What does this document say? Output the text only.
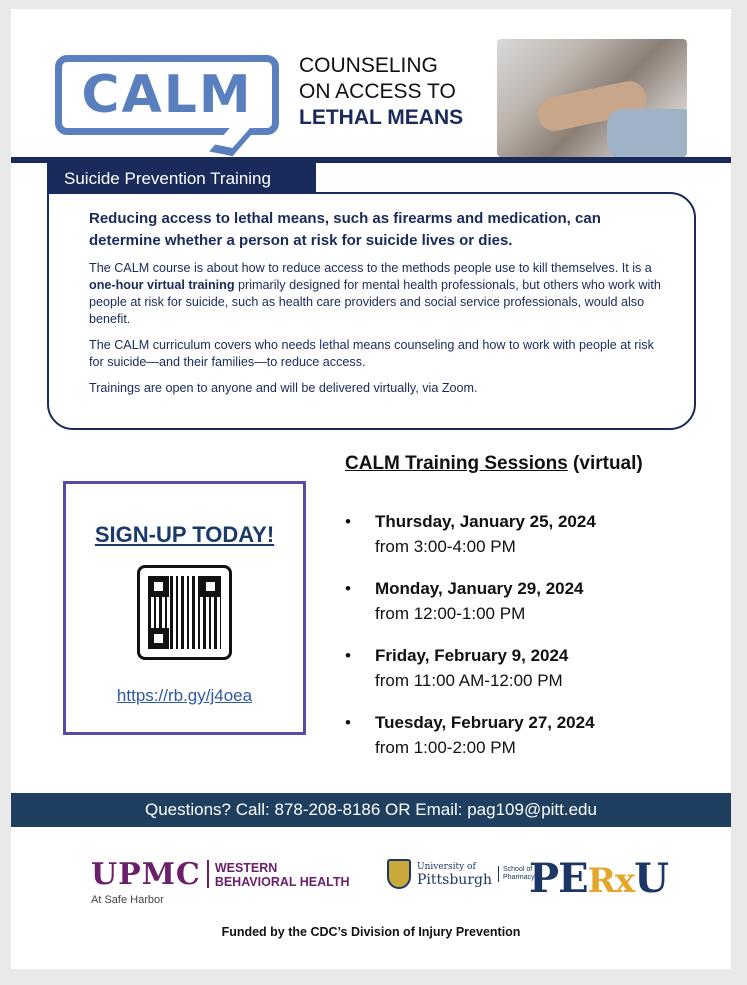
CALM COUNSELING
ON ACCESS TO
LETHAL MEANS
Suicide Prevention Training

Reducing access to lethal means, such as firearms and medication, can determine whether a person at risk for suicide lives or dies.

The CALM course is about how to reduce access to the methods people use to kill themselves. It is a one-hour virtual training primarily designed for mental health professionals, but others who work with people at risk for suicide, such as health care providers and social service professionals, would also benefit.

The CALM curriculum covers who needs lethal means counseling and how to work with people at risk for suicide—and their families—to reduce access.

Trainings are open to anyone and will be delivered virtually, via Zoom.

SIGN-UP TODAY!
https://rb.gy/j4oea
CALM Training Sessions (virtual)
• Thursday, January 25, 2024
from 3:00-4:00 PM
• Monday, January 29, 2024
from 12:00-1:00 PM
• Friday, February 9, 2024
from 11:00 AM-12:00 PM
• Tuesday, February 27, 2024
from 1:00-2:00 PM
Questions? Call: 878-208-8186 OR Email: pag109@pitt.edu
UPMC WESTERN
BEHAVIORAL HEALTH
At Safe Harbor
University of
Pittsburgh
School of
Pharmacy
PERxU
Funded by the CDC’s Division of Injury Prevention
